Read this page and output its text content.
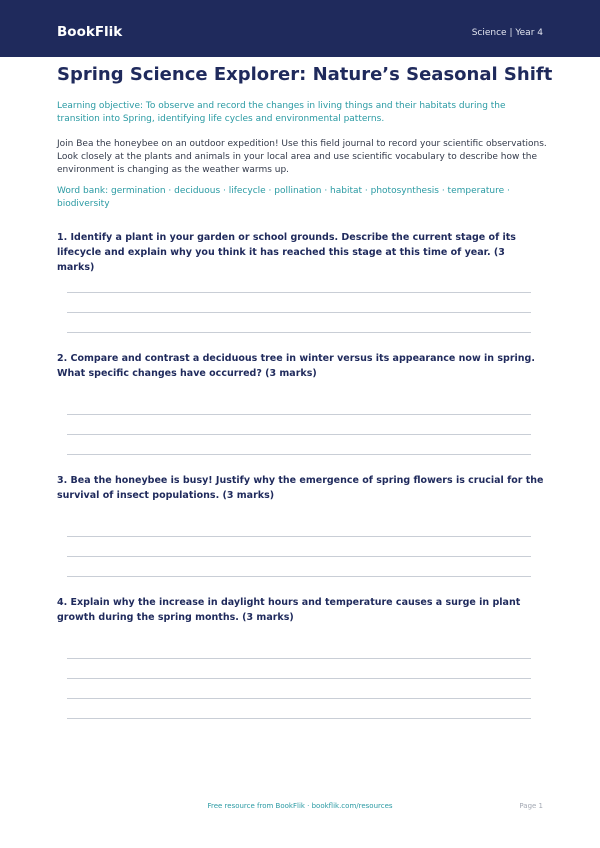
BookFlik	Science | Year 4
Spring Science Explorer: Nature’s Seasonal Shift
Learning objective: To observe and record the changes in living things and their habitats during the transition into Spring, identifying life cycles and environmental patterns.
Join Bea the honeybee on an outdoor expedition! Use this field journal to record your scientific observations. Look closely at the plants and animals in your local area and use scientific vocabulary to describe how the environment is changing as the weather warms up.
Word bank: germination · deciduous · lifecycle · pollination · habitat · photosynthesis · temperature · biodiversity
1. Identify a plant in your garden or school grounds. Describe the current stage of its lifecycle and explain why you think it has reached this stage at this time of year. (3 marks)
2. Compare and contrast a deciduous tree in winter versus its appearance now in spring. What specific changes have occurred? (3 marks)
3. Bea the honeybee is busy! Justify why the emergence of spring flowers is crucial for the survival of insect populations. (3 marks)
4. Explain why the increase in daylight hours and temperature causes a surge in plant growth during the spring months. (3 marks)
Free resource from BookFlik · bookflik.com/resources	Page 1
